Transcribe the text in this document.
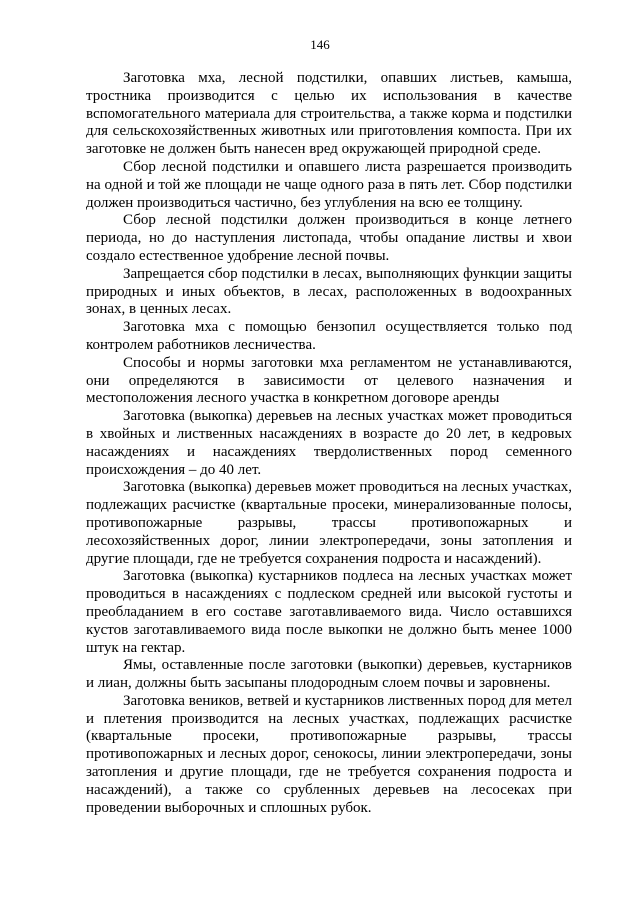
146

Заготовка мха, лесной подстилки, опавших листьев, камыша, тростника производится с целью их использования в качестве вспомогательного материала для строительства, а также корма и подстилки для сельскохозяйственных животных или приготовления компоста. При их заготовке не должен быть нанесен вред окружающей природной среде.

Сбор лесной подстилки и опавшего листа разрешается производить на одной и той же площади не чаще одного раза в пять лет. Сбор подстилки должен производиться частично, без углубления на всю ее толщину.

Сбор лесной подстилки должен производиться в конце летнего периода, но до наступления листопада, чтобы опадание листвы и хвои создало естественное удобрение лесной почвы.

Запрещается сбор подстилки в лесах, выполняющих функции защиты природных и иных объектов, в лесах, расположенных в водоохранных зонах, в ценных лесах.

Заготовка мха с помощью бензопил осуществляется только под контролем работников лесничества.

Способы и нормы заготовки мха регламентом не устанавливаются, они определяются в зависимости от целевого назначения и местоположения лесного участка в конкретном договоре аренды

Заготовка (выкопка) деревьев на лесных участках может проводиться в хвойных и лиственных насаждениях в возрасте до 20 лет, в кедровых насаждениях и насаждениях твердолиственных пород семенного происхождения – до 40 лет.

Заготовка (выкопка) деревьев может проводиться на лесных участках, подлежащих расчистке (квартальные просеки, минерализованные полосы, противопожарные разрывы, трассы противопожарных и лесохозяйственных дорог, линии электропередачи, зоны затопления и другие площади, где не требуется сохранения подроста и насаждений).

Заготовка (выкопка) кустарников подлеса на лесных участках может проводиться в насаждениях с подлеском средней или высокой густоты и преобладанием в его составе заготавливаемого вида. Число оставшихся кустов заготавливаемого вида после выкопки не должно быть менее 1000 штук на гектар.

Ямы, оставленные после заготовки (выкопки) деревьев, кустарников и лиан, должны быть засыпаны плодородным слоем почвы и заровнены.

Заготовка веников, ветвей и кустарников лиственных пород для метел и плетения производится на лесных участках, подлежащих расчистке (квартальные просеки, противопожарные разрывы, трассы противопожарных и лесных дорог, сенокосы, линии электропередачи, зоны затопления и другие площади, где не требуется сохранения подроста и насаждений), а также со срубленных деревьев на лесосеках при проведении выборочных и сплошных рубок.
